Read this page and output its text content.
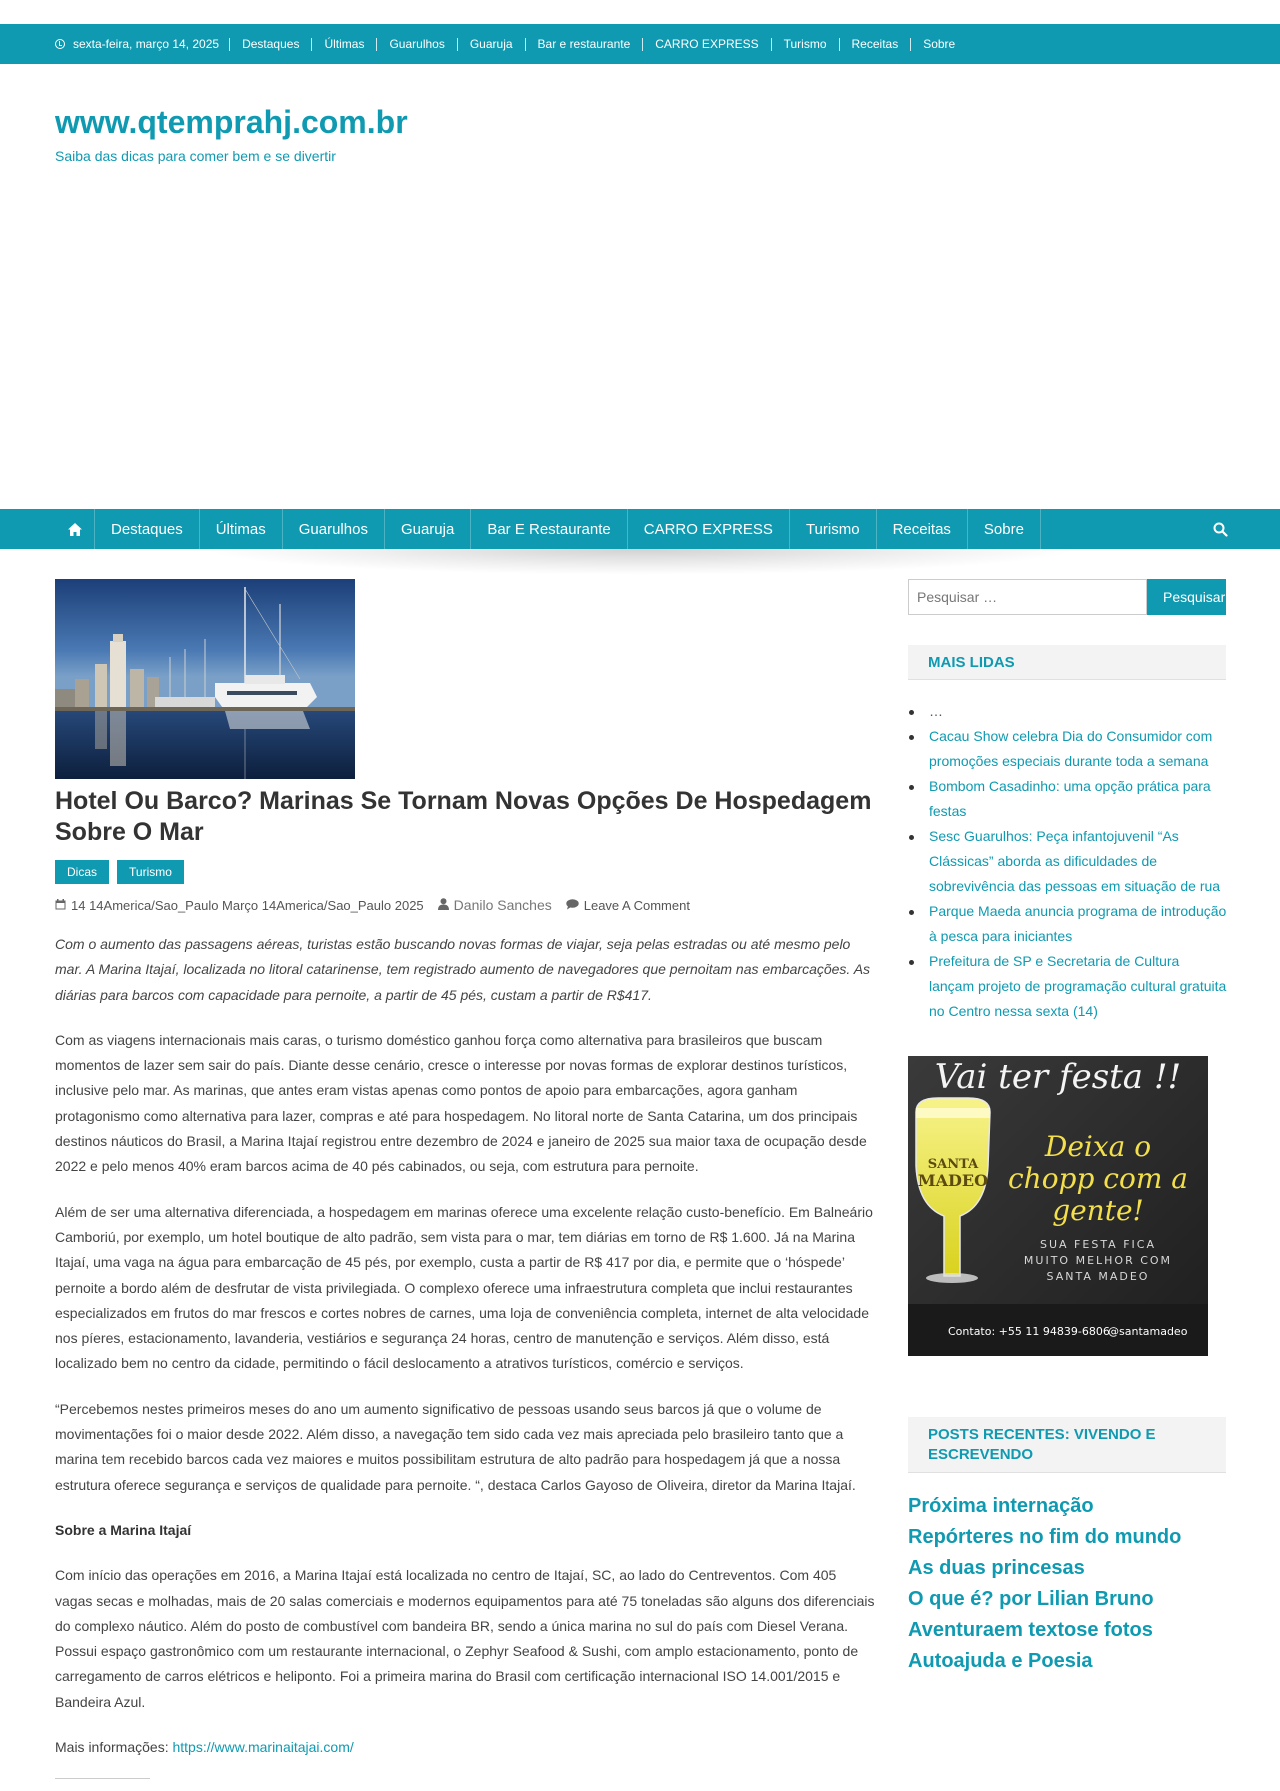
sexta-feira, março 14, 2025	Destaques	Últimas	Guarulhos	Guaruja	Bar e restaurante	CARRO EXPRESS	Turismo	Receitas	Sobre
www.qtemprahj.com.br
Saiba das dicas para comer bem e se divertir
Destaques	Últimas	Guarulhos	Guaruja	Bar E Restaurante	CARRO EXPRESS	Turismo	Receitas	Sobre
Hotel Ou Barco? Marinas Se Tornam Novas Opções De Hospedagem Sobre O Mar
Dicas	Turismo
14 14America/Sao_Paulo Março 14America/Sao_Paulo 2025 Danilo Sanches Leave A Comment

Com o aumento das passagens aéreas, turistas estão buscando novas formas de viajar, seja pelas estradas ou até mesmo pelo mar. A Marina Itajaí, localizada no litoral catarinense, tem registrado aumento de navegadores que pernoitam nas embarcações. As diárias para barcos com capacidade para pernoite, a partir de 45 pés, custam a partir de R$417.

Com as viagens internacionais mais caras, o turismo doméstico ganhou força como alternativa para brasileiros que buscam momentos de lazer sem sair do país. Diante desse cenário, cresce o interesse por novas formas de explorar destinos turísticos, inclusive pelo mar. As marinas, que antes eram vistas apenas como pontos de apoio para embarcações, agora ganham protagonismo como alternativa para lazer, compras e até para hospedagem. No litoral norte de Santa Catarina, um dos principais destinos náuticos do Brasil, a Marina Itajaí registrou entre dezembro de 2024 e janeiro de 2025 sua maior taxa de ocupação desde 2022 e pelo menos 40% eram barcos acima de 40 pés cabinados, ou seja, com estrutura para pernoite.

Além de ser uma alternativa diferenciada, a hospedagem em marinas oferece uma excelente relação custo-benefício. Em Balneário Camboriú, por exemplo, um hotel boutique de alto padrão, sem vista para o mar, tem diárias em torno de R$ 1.600. Já na Marina Itajaí, uma vaga na água para embarcação de 45 pés, por exemplo, custa a partir de R$ 417 por dia, e permite que o ‘hóspede’ pernoite a bordo além de desfrutar de vista privilegiada. O complexo oferece uma infraestrutura completa que inclui restaurantes especializados em frutos do mar frescos e cortes nobres de carnes, uma loja de conveniência completa, internet de alta velocidade nos píeres, estacionamento, lavanderia, vestiários e segurança 24 horas, centro de manutenção e serviços. Além disso, está localizado bem no centro da cidade, permitindo o fácil deslocamento a atrativos turísticos, comércio e serviços.

“Percebemos nestes primeiros meses do ano um aumento significativo de pessoas usando seus barcos já que o volume de movimentações foi o maior desde 2022. Além disso, a navegação tem sido cada vez mais apreciada pelo brasileiro tanto que a marina tem recebido barcos cada vez maiores e muitos possibilitam estrutura de alto padrão para hospedagem já que a nossa estrutura oferece segurança e serviços de qualidade para pernoite. “, destaca Carlos Gayoso de Oliveira, diretor da Marina Itajaí.

Sobre a Marina Itajaí

Com início das operações em 2016, a Marina Itajaí está localizada no centro de Itajaí, SC, ao lado do Centreventos. Com 405 vagas secas e molhadas, mais de 20 salas comerciais e modernos equipamentos para até 75 toneladas são alguns dos diferenciais do complexo náutico. Além do posto de combustível com bandeira BR, sendo a única marina no sul do país com Diesel Verana. Possui espaço gastronômico com um restaurante internacional, o Zephyr Seafood & Sushi, com amplo estacionamento, ponto de carregamento de carros elétricos e heliponto. Foi a primeira marina do Brasil com certificação internacional ISO 14.001/2015 e Bandeira Azul.

Mais informações: https://www.marinaitajai.com/

Pesquisar …
Pesquisar
MAIS LIDAS
…
Cacau Show celebra Dia do Consumidor com promoções especiais durante toda a semana
Bombom Casadinho: uma opção prática para festas
Sesc Guarulhos: Peça infantojuvenil “As Clássicas” aborda as dificuldades de sobrevivência das pessoas em situação de rua
Parque Maeda anuncia programa de introdução à pesca para iniciantes
Prefeitura de SP e Secretaria de Cultura lançam projeto de programação cultural gratuita no Centro nessa sexta (14)
Vai ter festa !!
SANTA
MADEO
Deixa o
chopp com a
gente!
SUA FESTA FICA
MUITO MELHOR COM
SANTA MADEO
Contato: +55 11 94839-6806
@santamadeo
POSTS RECENTES: VIVENDO E ESCREVENDO
Próxima internação
Repórteres no fim do mundo
As duas princesas
O que é? por Lilian Bruno
Aventuraem textose fotos
Autoajuda e Poesia
